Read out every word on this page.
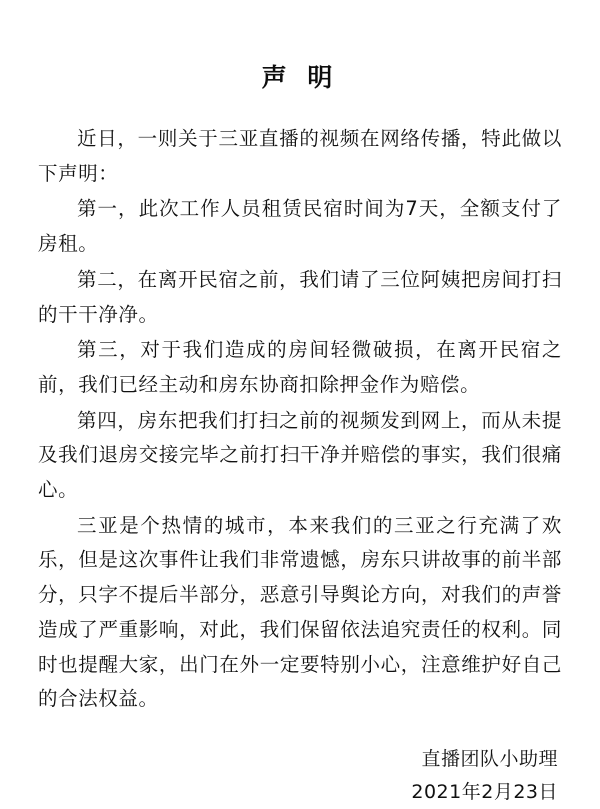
声 明

近日，一则关于三亚直播的视频在网络传播，特此做以下声明：

第一，此次工作人员租赁民宿时间为7天，全额支付了房租。

第二，在离开民宿之前，我们请了三位阿姨把房间打扫的干干净净。

第三，对于我们造成的房间轻微破损，在离开民宿之前，我们已经主动和房东协商扣除押金作为赔偿。

第四，房东把我们打扫之前的视频发到网上，而从未提及我们退房交接完毕之前打扫干净并赔偿的事实，我们很痛心。

三亚是个热情的城市，本来我们的三亚之行充满了欢乐，但是这次事件让我们非常遗憾，房东只讲故事的前半部分，只字不提后半部分，恶意引导舆论方向，对我们的声誉造成了严重影响，对此，我们保留依法追究责任的权利。同时也提醒大家，出门在外一定要特别小心，注意维护好自己的合法权益。

直播团队小助理
2021年2月23日
